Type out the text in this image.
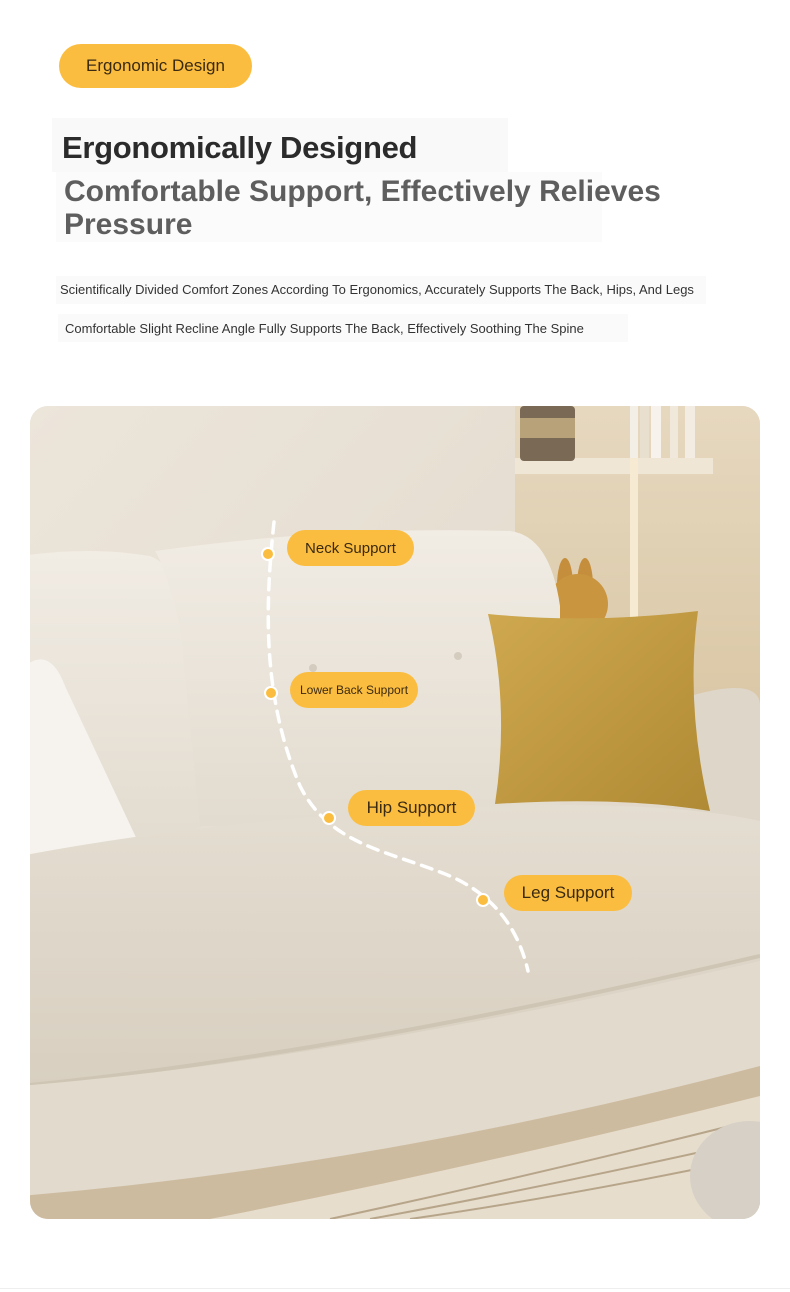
Ergonomic Design
Ergonomically Designed
Comfortable Support, Effectively Relieves Pressure

Scientifically Divided Comfort Zones According To Ergonomics, Accurately Supports The Back, Hips, And Legs

Comfortable Slight Recline Angle Fully Supports The Back, Effectively Soothing The Spine

Neck Support
Lower Back Support
Hip Support
Leg Support
